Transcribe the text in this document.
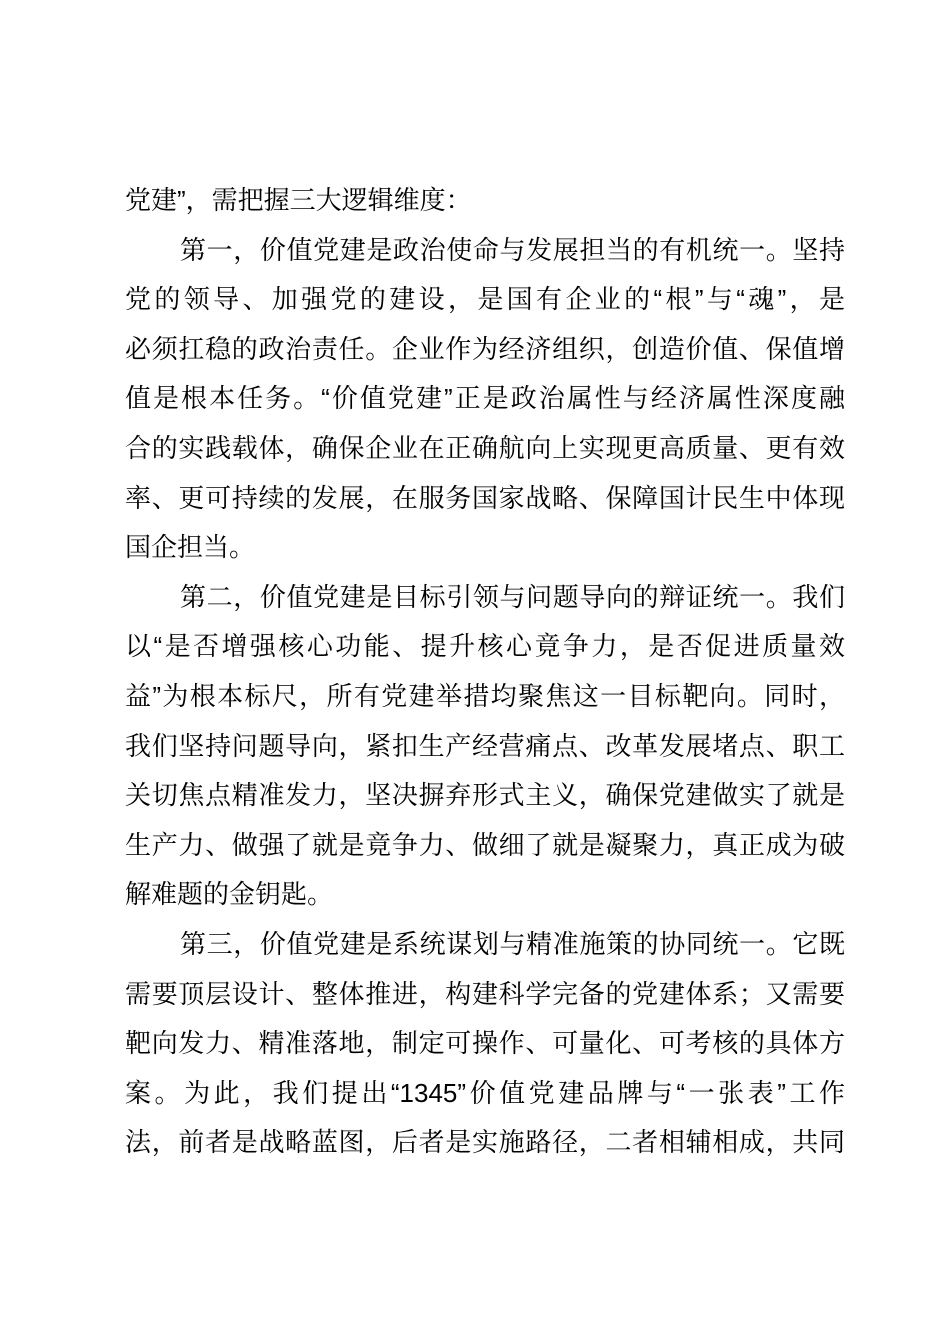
党建”，需把握三大逻辑维度：
第一，价值党建是政治使命与发展担当的有机统一。坚持
党的领导、加强党的建设，是国有企业的“根”与“魂”，是
必须扛稳的政治责任。企业作为经济组织，创造价值、保值增
值是根本任务。“价值党建”正是政治属性与经济属性深度融
合的实践载体，确保企业在正确航向上实现更高质量、更有效
率、更可持续的发展，在服务国家战略、保障国计民生中体现
国企担当。
第二，价值党建是目标引领与问题导向的辩证统一。我们
以“是否增强核心功能、提升核心竟争力，是否促进质量效
益”为根本标尺，所有党建举措均聚焦这一目标靶向。同时，
我们坚持问题导向，紧扣生产经营痛点、改革发展堵点、职工
关切焦点精准发力，坚决摒弃形式主义，确保党建做实了就是
生产力、做强了就是竟争力、做细了就是凝聚力，真正成为破
解难题的金钥匙。
第三，价值党建是系统谋划与精准施策的协同统一。它既
需要顶层设计、整体推进，构建科学完备的党建体系；又需要
靶向发力、精准落地，制定可操作、可量化、可考核的具体方
案。为此，我们提出“1345”价值党建品牌与“一张表”工作
法，前者是战略蓝图，后者是实施路径，二者相辅相成，共同
